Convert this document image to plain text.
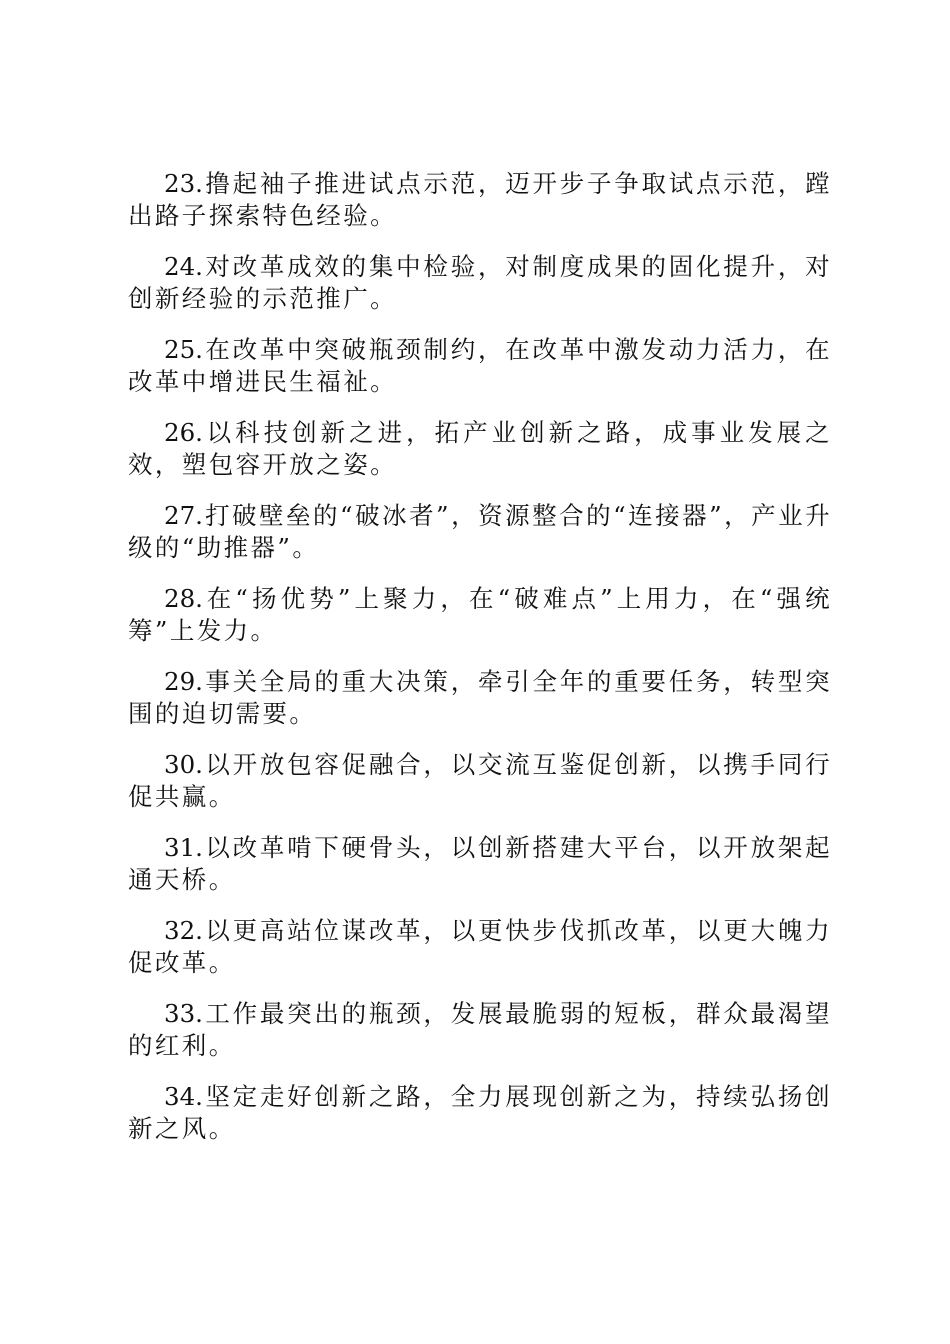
23.撸起袖子推进试点示范，迈开步子争取试点示范，蹚出路子探索特色经验。

24.对改革成效的集中检验，对制度成果的固化提升，对创新经验的示范推广。

25.在改革中突破瓶颈制约，在改革中激发动力活力，在改革中增进民生福祉。

26.以科技创新之进，拓产业创新之路，成事业发展之效，塑包容开放之姿。

27.打破壁垒的“破冰者”，资源整合的“连接器”，产业升级的“助推器”。

28.在“扬优势”上聚力，在“破难点”上用力，在“强统筹”上发力。

29.事关全局的重大决策，牵引全年的重要任务，转型突围的迫切需要。

30.以开放包容促融合，以交流互鉴促创新，以携手同行促共赢。

31.以改革啃下硬骨头，以创新搭建大平台，以开放架起通天桥。

32.以更高站位谋改革，以更快步伐抓改革，以更大魄力促改革。

33.工作最突出的瓶颈，发展最脆弱的短板，群众最渴望的红利。

34.坚定走好创新之路，全力展现创新之为，持续弘扬创新之风。
